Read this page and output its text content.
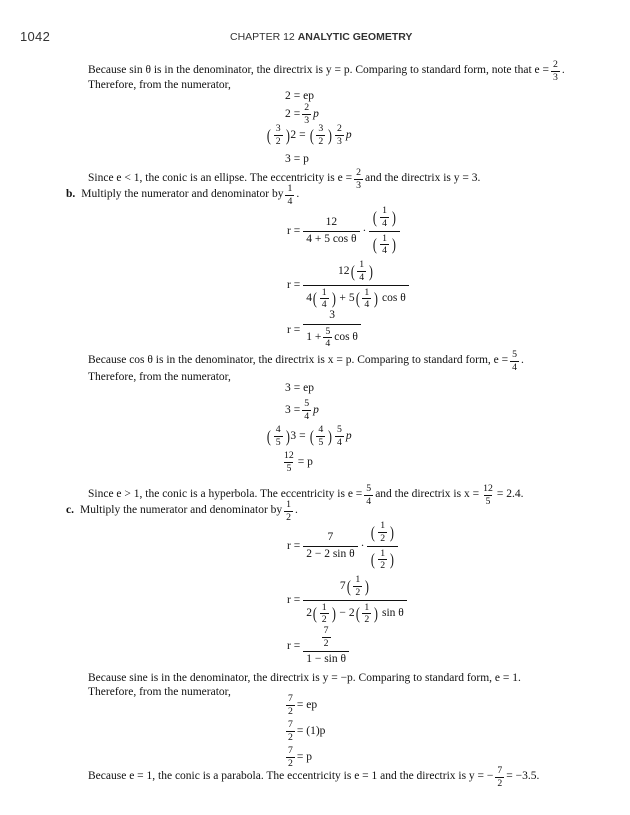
1042	CHAPTER 12 ANALYTIC GEOMETRY
Because sin θ is in the denominator, the directrix is y = p. Comparing to standard form, note that $e = \frac{2}{3}$ .
Therefore, from the numerator,
2 = ep
$2 = \frac{2}{3}$ p
( $\frac{3}{2}$ ) 2 = ( $\frac{3}{2}$ ) $\frac{2}{3}$ p
3 = p
Since e < 1, the conic is an ellipse. The eccentricity is $e = \frac{2}{3}$ and the directrix is y = 3.
b. Multiply the numerator and denominator by $\frac{1}{4}$ .
$r = \frac{12}{\text{4 + 5 cos θ}}$ ·
( $\frac{1}{4}$ )
( $\frac{1}{4}$ )
$r = \frac{12 ( \frac{1}{4} )}{4 ( \frac{1}{4} ) + 5 ( \frac{1}{4} ) \cos \theta}$
$r = \frac{3}{1 + \frac{5}{4} \cos \theta}$
Because cos θ is in the denominator, the directrix is x = p. Comparing to standard form, $e = \frac{5}{4}$ .
Therefore, from the numerator,
3 = ep
$3 = \frac{5}{4}$ p
( $\frac{4}{5}$ ) 3 = ( $\frac{4}{5}$ ) $\frac{5}{4}$ p
$\frac{12}{5} = p$
Since e > 1, the conic is a hyperbola. The eccentricity is $e = \frac{5}{4}$ and the directrix is $x = \frac{12}{5} = 2.4$.
c. Multiply the numerator and denominator by $\frac{1}{2}$ .
$r = \frac{7}{\text{2 − 2 sin θ}}$ ·
( $\frac{1}{2}$ )
( $\frac{1}{2}$ )
$r = \frac{7 ( \frac{1}{2} )}{2 ( \frac{1}{2} ) - 2 ( \frac{1}{2} ) \sin \theta}$
$r = \frac{\frac{7}{2}}{\text{1 − sin θ}}$
Because sine is in the denominator, the directrix is y = −p. Comparing to standard form, e = 1.
Therefore, from the numerator,
$\frac{7}{2}$ = ep
$\frac{7}{2} = (1)p$
$\frac{7}{2} = p$
Because e = 1, the conic is a parabola. The eccentricity is e = 1 and the directrix is y = − $\frac{7}{2} = -3.5$.
